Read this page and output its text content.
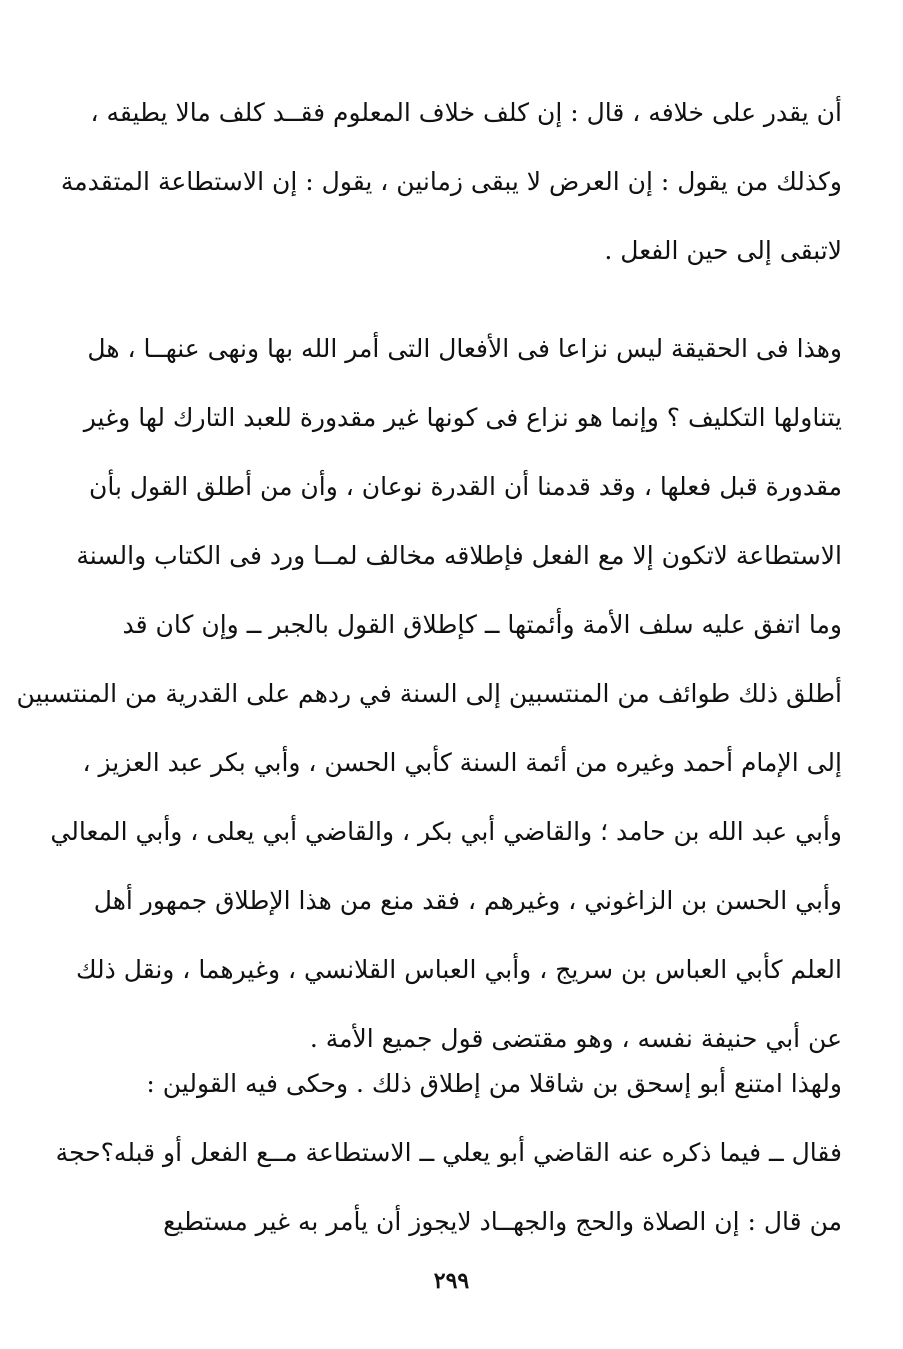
أن يقدر على خلافه ، قال : إن كلف خلاف المعلوم فقــد كلف مالا يطيقه ،
وكذلك من يقول : إن العرض لا يبقى زمانين ، يقول : إن الاستطاعة المتقدمة
لاتبقى إلى حين الفعل .
وهذا فى الحقيقة ليس نزاعا فى الأفعال التى أمر الله بها ونهى عنهــا ، هل
يتناولها التكليف ؟ وإنما هو نزاع فى كونها غير مقدورة للعبد التارك لها وغير
مقدورة قبل فعلها ، وقد قدمنا أن القدرة نوعان ، وأن من أطلق القول بأن
الاستطاعة لاتكون إلا مع الفعل فإطلاقه مخالف لمــا ورد فى الكتاب والسنة
وما اتفق عليه سلف الأمة وأئمتها ــ كإطلاق القول بالجبر ــ وإن كان قد
أطلق ذلك طوائف من المنتسبين إلى السنة في ردهم على القدرية من المنتسبين
إلى الإمام أحمد وغيره من أئمة السنة كأبي الحسن ، وأبي بكر عبد العزيز ،
وأبي عبد الله بن حامد ؛ والقاضي أبي بكر ، والقاضي أبي يعلى ، وأبي المعالي
وأبي الحسن بن الزاغوني ، وغيرهم ، فقد منع من هذا الإطلاق جمهور أهل
العلم كأبي العباس بن سريج ، وأبي العباس القلانسي ، وغيرهما ، ونقل ذلك
عن أبي حنيفة نفسه ، وهو مقتضى قول جميع الأمة .
ولهذا امتنع أبو إسحق بن شاقلا من إطلاق ذلك . وحكى فيه القولين :
فقال ــ فيما ذكره عنه القاضي أبو يعلي ــ الاستطاعة مــع الفعل أو قبله؟حجة
من قال : إن الصلاة والحج والجهــاد لايجوز أن يأمر به غير مستطيع
٢٩٩
